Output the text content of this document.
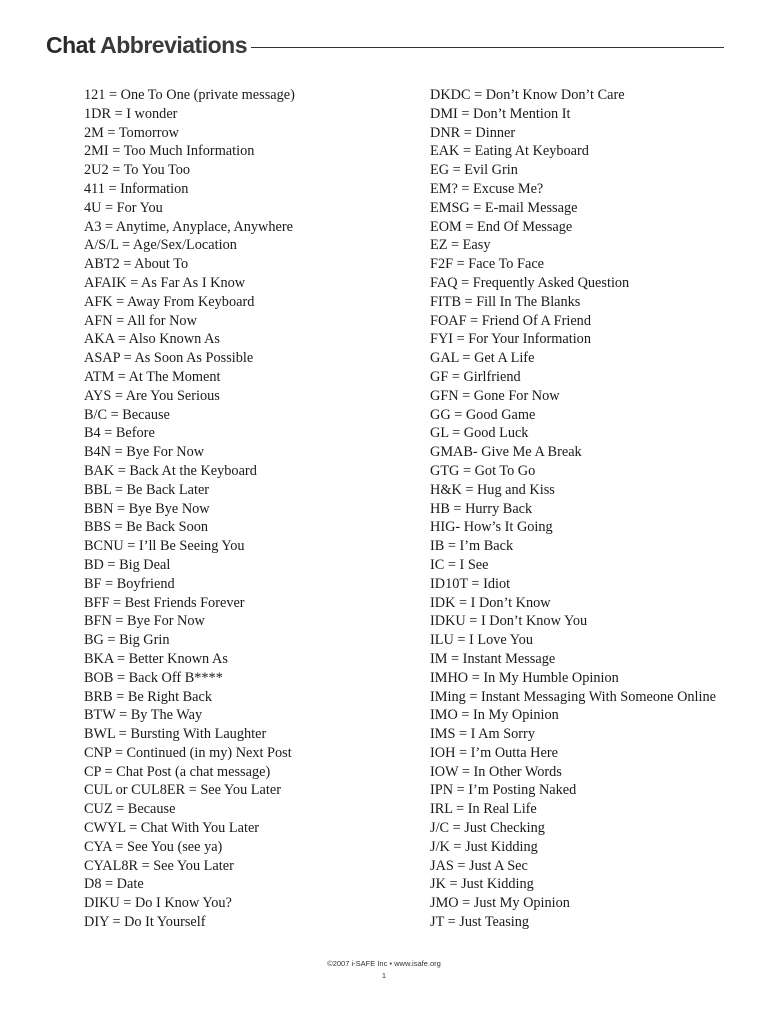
Chat Abbreviations
121 = One To One (private message)
1DR = I wonder
2M = Tomorrow
2MI = Too Much Information
2U2 = To You Too
411 = Information
4U = For You
A3 = Anytime, Anyplace, Anywhere
A/S/L = Age/Sex/Location
ABT2 = About To
AFAIK = As Far As I Know
AFK = Away From Keyboard
AFN = All for Now
AKA = Also Known As
ASAP = As Soon As Possible
ATM = At The Moment
AYS = Are You Serious
B/C = Because
B4 = Before
B4N = Bye For Now
BAK = Back At the Keyboard
BBL = Be Back Later
BBN = Bye Bye Now
BBS = Be Back Soon
BCNU = I’ll Be Seeing You
BD = Big Deal
BF = Boyfriend
BFF = Best Friends Forever
BFN = Bye For Now
BG = Big Grin
BKA = Better Known As
BOB = Back Off B****
BRB = Be Right Back
BTW = By The Way
BWL = Bursting With Laughter
CNP = Continued (in my) Next Post
CP = Chat Post (a chat message)
CUL or CUL8ER = See You Later
CUZ = Because
CWYL = Chat With You Later
CYA = See You (see ya)
CYAL8R = See You Later
D8 = Date
DIKU = Do I Know You?
DIY = Do It Yourself
DKDC = Don’t Know Don’t Care
DMI = Don’t Mention It
DNR = Dinner
EAK = Eating At Keyboard
EG = Evil Grin
EM? = Excuse Me?
EMSG = E-mail Message
EOM = End Of Message
EZ = Easy
F2F = Face To Face
FAQ = Frequently Asked Question
FITB = Fill In The Blanks
FOAF = Friend Of A Friend
FYI = For Your Information
GAL = Get A Life
GF = Girlfriend
GFN = Gone For Now
GG = Good Game
GL = Good Luck
GMAB- Give Me A Break
GTG = Got To Go
H&K = Hug and Kiss
HB = Hurry Back
HIG- How’s It Going
IB = I’m Back
IC = I See
ID10T = Idiot
IDK = I Don’t Know
IDKU = I Don’t Know You
ILU = I Love You
IM = Instant Message
IMHO = In My Humble Opinion
IMing = Instant Messaging With Someone Online
IMO = In My Opinion
IMS = I Am Sorry
IOH = I’m Outta Here
IOW = In Other Words
IPN = I’m Posting Naked
IRL = In Real Life
J/C = Just Checking
J/K = Just Kidding
JAS = Just A Sec
JK = Just Kidding
JMO = Just My Opinion
JT = Just Teasing
©2007 i-SAFE Inc • www.isafe.org
1
